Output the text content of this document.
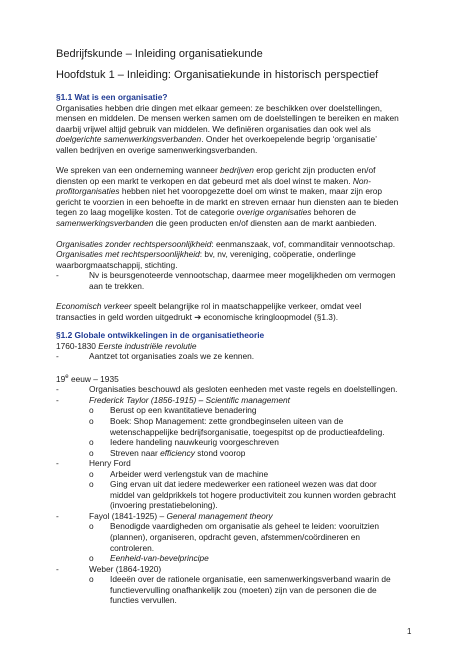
Bedrijfskunde – Inleiding organisatiekunde
Hoofdstuk 1 – Inleiding: Organisatiekunde in historisch perspectief
§1.1 Wat is een organisatie?
Organisaties hebben drie dingen met elkaar gemeen: ze beschikken over doelstellingen,
mensen en middelen. De mensen werken samen om de doelstellingen te bereiken en maken
daarbij vrijwel altijd gebruik van middelen. We definiëren organisaties dan ook wel als
doelgerichte samenwerkingsverbanden. Onder het overkoepelende begrip ‘organisatie’
vallen bedrijven en overige samenwerkingsverbanden.
We spreken van een onderneming wanneer bedrijven erop gericht zijn producten en/of
diensten op een markt te verkopen en dat gebeurd met als doel winst te maken. Non-
profitorganisaties hebben niet het vooropgezette doel om winst te maken, maar zijn erop
gericht te voorzien in een behoefte in de markt en streven ernaar hun diensten aan te bieden
tegen zo laag mogelijke kosten. Tot de categorie overige organisaties behoren de
samenwerkingsverbanden die geen producten en/of diensten aan de markt aanbieden.
Organisaties zonder rechtspersoonlijkheid: eenmanszaak, vof, commanditair vennootschap.
Organisaties met rechtspersoonlijkheid: bv, nv, vereniging, coöperatie, onderlinge
waarborgmaatschappij, stichting.
-	Nv is beursgenoteerde vennootschap, daarmee meer mogelijkheden om vermogen
aan te trekken.
Economisch verkeer speelt belangrijke rol in maatschappelijke verkeer, omdat veel
transacties in geld worden uitgedrukt ➔ economische kringloopmodel (§1.3).
§1.2 Globale ontwikkelingen in de organisatietheorie
1760-1830 Eerste industriële revolutie
-	Aantzet tot organisaties zoals we ze kennen.
19e eeuw – 1935
-	Organisaties beschouwd als gesloten eenheden met vaste regels en doelstellingen.
-	Frederick Taylor (1856-1915) – Scientific management
o Berust op een kwantitatieve benadering
o Boek: Shop Management: zette grondbeginselen uiteen van de
wetenschappelijke bedrijfsorganisatie, toegespitst op de productieafdeling.
o Iedere handeling nauwkeurig voorgeschreven
o Streven naar efficiency stond voorop
-	Henry Ford
o Arbeider werd verlengstuk van de machine
o Ging ervan uit dat iedere medewerker een rationeel wezen was dat door
middel van geldprikkels tot hogere productiviteit zou kunnen worden gebracht
(invoering prestatiebeloning).
-	Fayol (1841-1925) – General management theory
o Benodigde vaardigheden om organisatie als geheel te leiden: vooruitzien
(plannen), organiseren, opdracht geven, afstemmen/coördineren en
controleren.
o Eenheid-van-bevelprincipe
-	Weber (1864-1920)
o Ideeën over de rationele organisatie, een samenwerkingsverband waarin de
functievervulling onafhankelijk zou (moeten) zijn van de personen die de
functies vervullen.
1
